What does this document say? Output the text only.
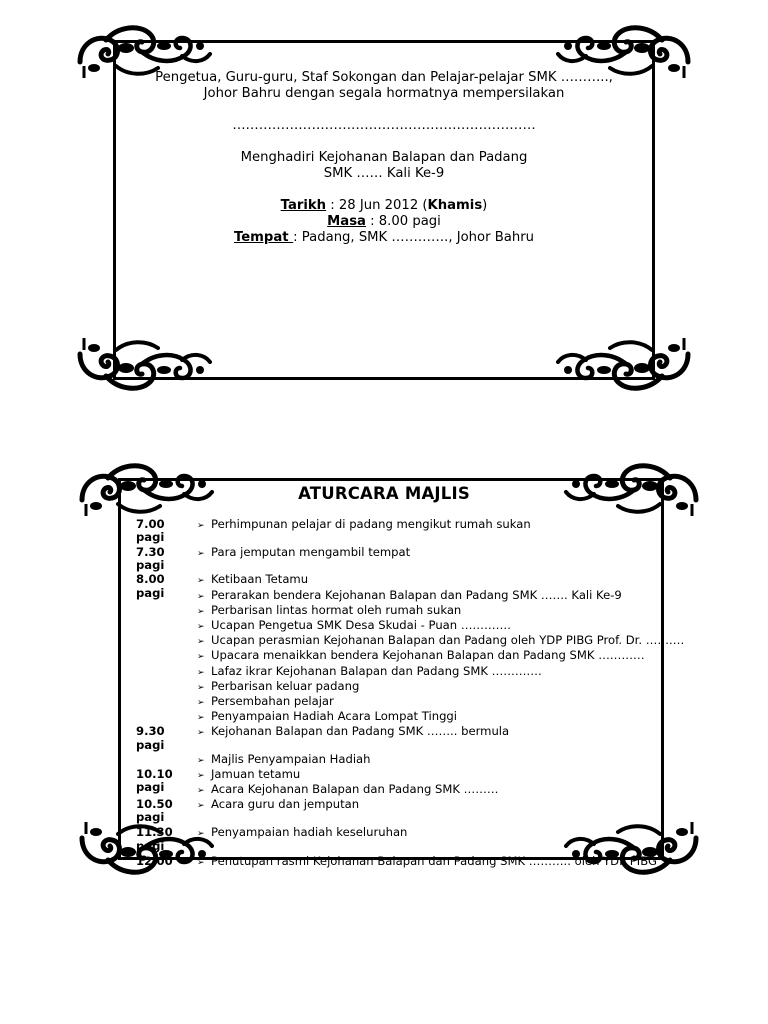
Pengetua, Guru-guru, Staf Sokongan dan Pelajar-pelajar SMK ………..,

Johor Bahru dengan segala hormatnya mempersilakan

……………………………………………………………

Menghadiri Kejohanan Balapan dan Padang

SMK …… Kali Ke-9

Tarikh : 28 Jun 2012 (Khamis)

Masa : 8.00 pagi

Tempat : Padang, SMK …………., Johor Bahru

ATURCARA MAJLIS
7.00 pagi
➢ Perhimpunan pelajar di padang mengikut rumah sukan
7.30 pagi
➢ Para jemputan mengambil tempat
8.00 pagi
➢ Ketibaan Tetamu
➢ Perarakan bendera Kejohanan Balapan dan Padang SMK ……. Kali Ke-9
➢ Perbarisan lintas hormat oleh rumah sukan
➢ Ucapan Pengetua SMK Desa Skudai - Puan ………….
➢ Ucapan perasmian Kejohanan Balapan dan Padang oleh YDP PIBG Prof. Dr. ……….
➢ Upacara menaikkan bendera Kejohanan Balapan dan Padang SMK …………
➢ Lafaz ikrar Kejohanan Balapan dan Padang SMK ………….
➢ Perbarisan keluar padang
➢ Persembahan pelajar
➢ Penyampaian Hadiah Acara Lompat Tinggi
9.30 pagi
➢ Kejohanan Balapan dan Padang SMK …….. bermula
➢ Majlis Penyampaian Hadiah
10.10 pagi
➢ Jamuan tetamu
➢ Acara Kejohanan Balapan dan Padang SMK ………
10.50 pagi
➢ Acara guru dan jemputan
11.30 pagi
➢ Penyampaian hadiah keseluruhan
12.00
➢	Penutupan rasmi Kejohanan Balapan dan Padang SMK ……….. oleh YDP PIBG
